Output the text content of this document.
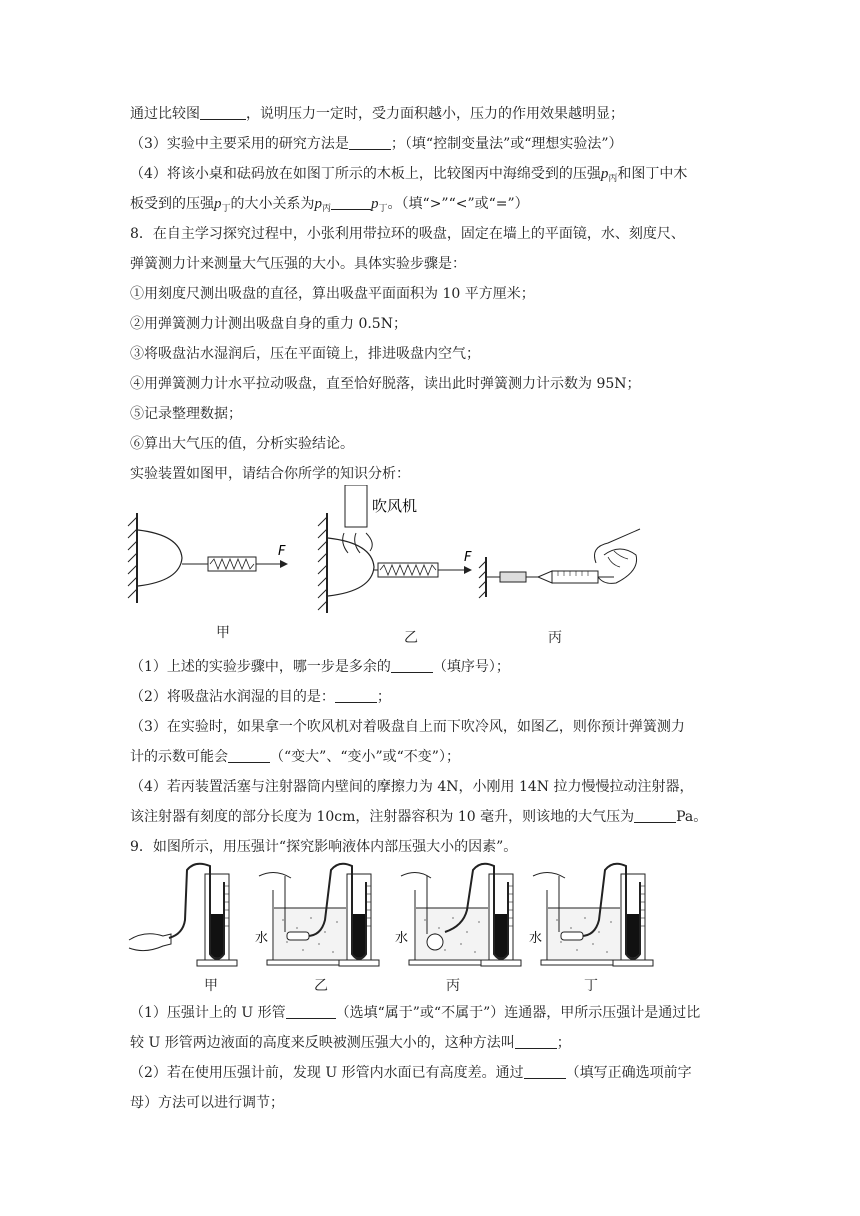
通过比较图	，说明压力一定时，受力面积越小，压力的作用效果越明显；
（3）实验中主要采用的研究方法是	；（填“控制变量法”或“理想实验法”）
（4）将该小桌和砝码放在如图丁所示的木板上，比较图丙中海绵受到的压强$p_丙$和图丁中木
板受到的压强$p_丁$的大小关系为$p_丙$	$p_丁$。（填“>”“<”或“=”）
8．在自主学习探究过程中，小张利用带拉环的吸盘，固定在墙上的平面镜，水、刻度尺、
弹簧测力计来测量大气压强的大小。具体实验步骤是：
①用刻度尺测出吸盘的直径，算出吸盘平面面积为 10 平方厘米；
②用弹簧测力计测出吸盘自身的重力 0.5N；
③将吸盘沾水湿润后，压在平面镜上，排进吸盘内空气；
④用弹簧测力计水平拉动吸盘，直至恰好脱落，读出此时弹簧测力计示数为 95N；
⑤记录整理数据；
⑥算出大气压的值，分析实验结论。
实验装置如图甲，请结合你所学的知识分析：
F
吹风机
F
甲	乙	丙
（1）上述的实验步骤中，哪一步是多余的	（填序号）；
（2）将吸盘沾水润湿的目的是：	；
（3）在实验时，如果拿一个吹风机对着吸盘自上而下吹冷风，如图乙，则你预计弹簧测力
计的示数可能会	（“变大”、“变小”或“不变”）；
（4）若丙装置活塞与注射器筒内壁间的摩擦力为 4N，小刚用 14N 拉力慢慢拉动注射器，
该注射器有刻度的部分长度为 10cm，注射器容积为 10 毫升，则该地的大气压为	Pa。
9．如图所示，用压强计“探究影响液体内部压强大小的因素”。
水	水	水
甲	乙	丙	丁
（1）压强计上的 U 形管	（选填“属于”或“不属于”）连通器，甲所示压强计是通过比
较 U 形管两边液面的高度来反映被测压强大小的，这种方法叫	；
（2）若在使用压强计前，发现 U 形管内水面已有高度差。通过	（填写正确选项前字
母）方法可以进行调节；
